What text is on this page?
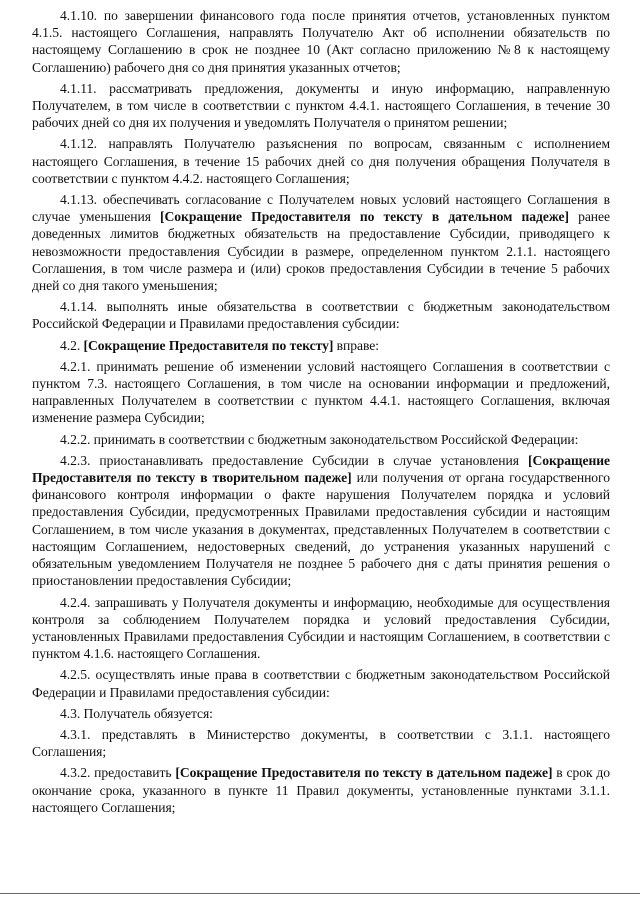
4.1.10. по завершении финансового года после принятия отчетов, установленных пунктом 4.1.5. настоящего Соглашения, направлять Получателю Акт об исполнении обязательств по настоящему Соглашению в срок не позднее 10 (Акт согласно приложению №8 к настоящему Соглашению) рабочего дня со дня принятия указанных отчетов;

4.1.11. рассматривать предложения, документы и иную информацию, направленную Получателем, в том числе в соответствии с пунктом 4.4.1. настоящего Соглашения, в течение 30 рабочих дней со дня их получения и уведомлять Получателя о принятом решении;

4.1.12. направлять Получателю разъяснения по вопросам, связанным с исполнением настоящего Соглашения, в течение 15 рабочих дней со дня получения обращения Получателя в соответствии с пунктом 4.4.2. настоящего Соглашения;

4.1.13. обеспечивать согласование с Получателем новых условий настоящего Соглашения в случае уменьшения [Сокращение Предоставителя по тексту в дательном падеже] ранее доведенных лимитов бюджетных обязательств на предоставление Субсидии, приводящего к невозможности предоставления Субсидии в размере, определенном пунктом 2.1.1. настоящего Соглашения, в том числе размера и (или) сроков предоставления Субсидии в течение 5 рабочих дней со дня такого уменьшения;

4.1.14. выполнять иные обязательства в соответствии с бюджетным законодательством Российской Федерации и Правилами предоставления субсидии:

4.2. [Сокращение Предоставителя по тексту] вправе:

4.2.1. принимать решение об изменении условий настоящего Соглашения в соответствии с пунктом 7.3. настоящего Соглашения, в том числе на основании информации и предложений, направленных Получателем в соответствии с пунктом 4.4.1. настоящего Соглашения, включая изменение размера Субсидии;

4.2.2. принимать в соответствии с бюджетным законодательством Российской Федерации:

4.2.3. приостанавливать предоставление Субсидии в случае установления [Сокращение Предоставителя по тексту в творительном падеже] или получения от органа государственного финансового контроля информации о факте нарушения Получателем порядка и условий предоставления Субсидии, предусмотренных Правилами предоставления субсидии и настоящим Соглашением, в том числе указания в документах, представленных Получателем в соответствии с настоящим Соглашением, недостоверных сведений, до устранения указанных нарушений с обязательным уведомлением Получателя не позднее 5 рабочего дня с даты принятия решения о приостановлении предоставления Субсидии;

4.2.4. запрашивать у Получателя документы и информацию, необходимые для осуществления контроля за соблюдением Получателем порядка и условий предоставления Субсидии, установленных Правилами предоставления Субсидии и настоящим Соглашением, в соответствии с пунктом 4.1.6. настоящего Соглашения.

4.2.5. осуществлять иные права в соответствии с бюджетным законодательством Российской Федерации и Правилами предоставления субсидии:

4.3. Получатель обязуется:

4.3.1. представлять в Министерство документы, в соответствии с 3.1.1. настоящего Соглашения;

4.3.2. предоставить [Сокращение Предоставителя по тексту в дательном падеже] в срок до окончание срока, указанного в пункте 11 Правил документы, установленные пунктами 3.1.1. настоящего Соглашения;
